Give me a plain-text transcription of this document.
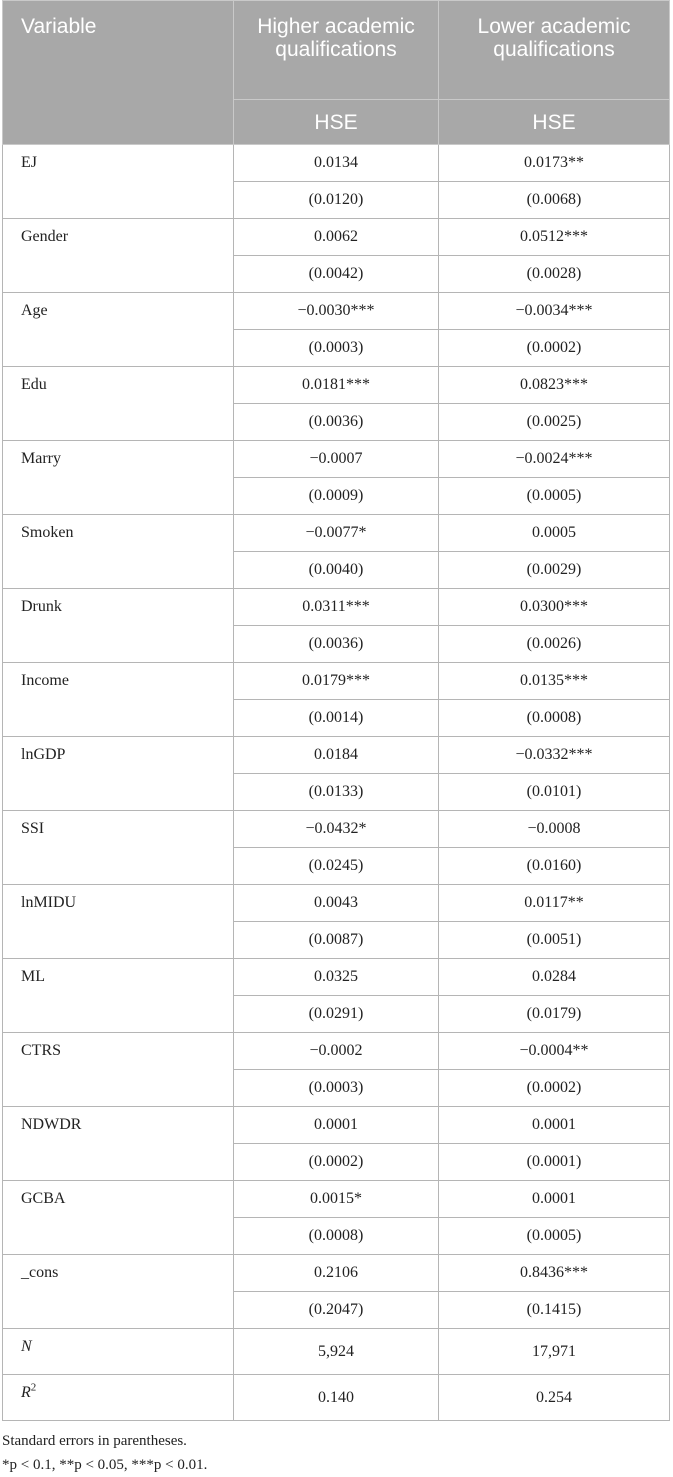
Variable	Higher academic qualifications	Lower academic qualifications
	HSE	HSE
EJ	0.0134	0.0173**
	(0.0120)	(0.0068)
Gender	0.0062	0.0512***
	(0.0042)	(0.0028)
Age	−0.0030***	−0.0034***
	(0.0003)	(0.0002)
Edu	0.0181***	0.0823***
	(0.0036)	(0.0025)
Marry	−0.0007	−0.0024***
	(0.0009)	(0.0005)
Smoken	−0.0077*	0.0005
	(0.0040)	(0.0029)
Drunk	0.0311***	0.0300***
	(0.0036)	(0.0026)
Income	0.0179***	0.0135***
	(0.0014)	(0.0008)
lnGDP	0.0184	−0.0332***
	(0.0133)	(0.0101)
SSI	−0.0432*	−0.0008
	(0.0245)	(0.0160)
lnMIDU	0.0043	0.0117**
	(0.0087)	(0.0051)
ML	0.0325	0.0284
	(0.0291)	(0.0179)
CTRS	−0.0002	−0.0004**
	(0.0003)	(0.0002)
NDWDR	0.0001	0.0001
	(0.0002)	(0.0001)
GCBA	0.0015*	0.0001
	(0.0008)	(0.0005)
_cons	0.2106	0.8436***
	(0.2047)	(0.1415)
N	5,924	17,971
$R^2$	0.140	0.254
Standard errors in parentheses.
*p < 0.1, **p < 0.05, ***p < 0.01.
